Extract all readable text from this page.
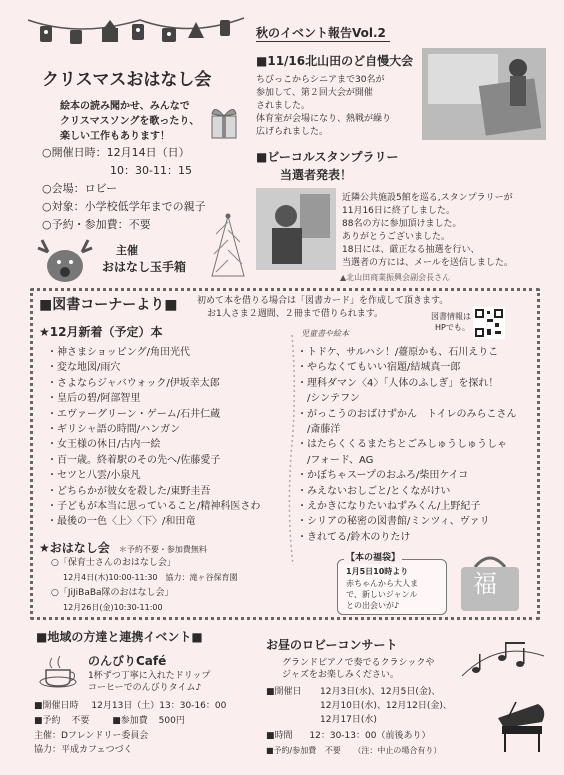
クリスマスおはなし会
絵本の読み聞かせ、みんなで
クリスマスソングを歌ったり、
楽しい工作もあります！
○開催日時：12月14日（日）
10：30-11：15
○会場：ロビー
○対象：小学校低学年までの親子
○予約・参加費：不要
主催
おはなし玉手箱
秋のイベント報告Vol.2
■11/16北山田のど自慢大会
ちびっこからシニアまで30名が
参加して、第２回大会が開催
されました。
体育室が会場になり、熱戦が繰り
広げられました。
■ビーコルスタンプラリー
当選者発表！
近隣公共施設5館を巡る,スタンプラリーが
11月16日に終了しました。
88名の方に参加頂けました。
ありがとうございました。
18日には、厳正なる抽選を行い、
当選者の方には、メールを送信しました。
▲北山田商業振興会副会長さん
■図書コーナーより■ 初めて本を借りる場合は「図書カード」を作成して頂きます。
お1人さま２週間、２冊まで借りられます。	図書情報は
HPでも。
★12月新着（予定）本	児童書や絵本
・神さまショッピング/角田光代
・変な地図/雨穴
・さよならジャバウォック/伊坂幸太郎
・皇后の碧/阿部智里
・エヴァーグリーン・ゲーム/石井仁蔵
・ギリシャ語の時間/ハンガン
・女王様の休日/古内一絵
・百一歳。終着駅のその先へ/佐藤愛子
・セツと八雲/小泉凡
・どちらかが彼女を殺した/東野圭吾
・子どもが本当に思っていること/精神科医さわ
・最後の一色〈上〉〈下〉/和田竜
・トドケ、サルハシ！/薹原かも、石川えりこ
・やらなくてもいい宿題/結城真一郎
・理科ダマン〈4〉「人体のふしぎ」を探れ！
　/シンテフン
・がっこうのおばけずかん　トイレのみらこさん
　/斎藤洋
・はたらくくるまたちとごみしゅうしゅうしゃ
　/フォード、AG
・かぼちゃスープのおふろ/柴田ケイコ
・みえないおしごと/とくながけい
・えかきになりたいねずみくん/上野紀子
・シリアの秘密の図書館/ミンツィ、ヴァリ
・きれてる/鈴木のりたけ
★おはなし会 ＊予約不要・参加費無料
○「保育士さんのおはなし会」
12月4日(木)10:00-11:30　協力：滝ヶ谷保育園
○「JiJiBaBa隊のおはなし会」
12月26日(金)10:30-11:00
【本の福袋】
1月5日10時より
赤ちゃんから大人ま
で、新しいジャンル
との出会いが♪
福
■地域の方達と連携イベント■
のんびりCafé
1杯ずつ丁寧に入れたドリップ
コーヒーでのんびりタイム♪
■開催日時 12月13日（土）13：30-16：00
■予約 不要	■参加費 500円
主催：Dフレンドリー委員会
協力：平成カフェつづく
お昼のロビーコンサート
グランドピアノで奏でるクラシックや
ジャズをお楽しみください。
■開催日 12月3日(水)、12月5日(金)、
12月10日(水)、12月12日(金)、
12月17日(水)
■時間 12：30-13：00（前後あり）
■予約/参加費 不要 （注：中止の場合有り）
